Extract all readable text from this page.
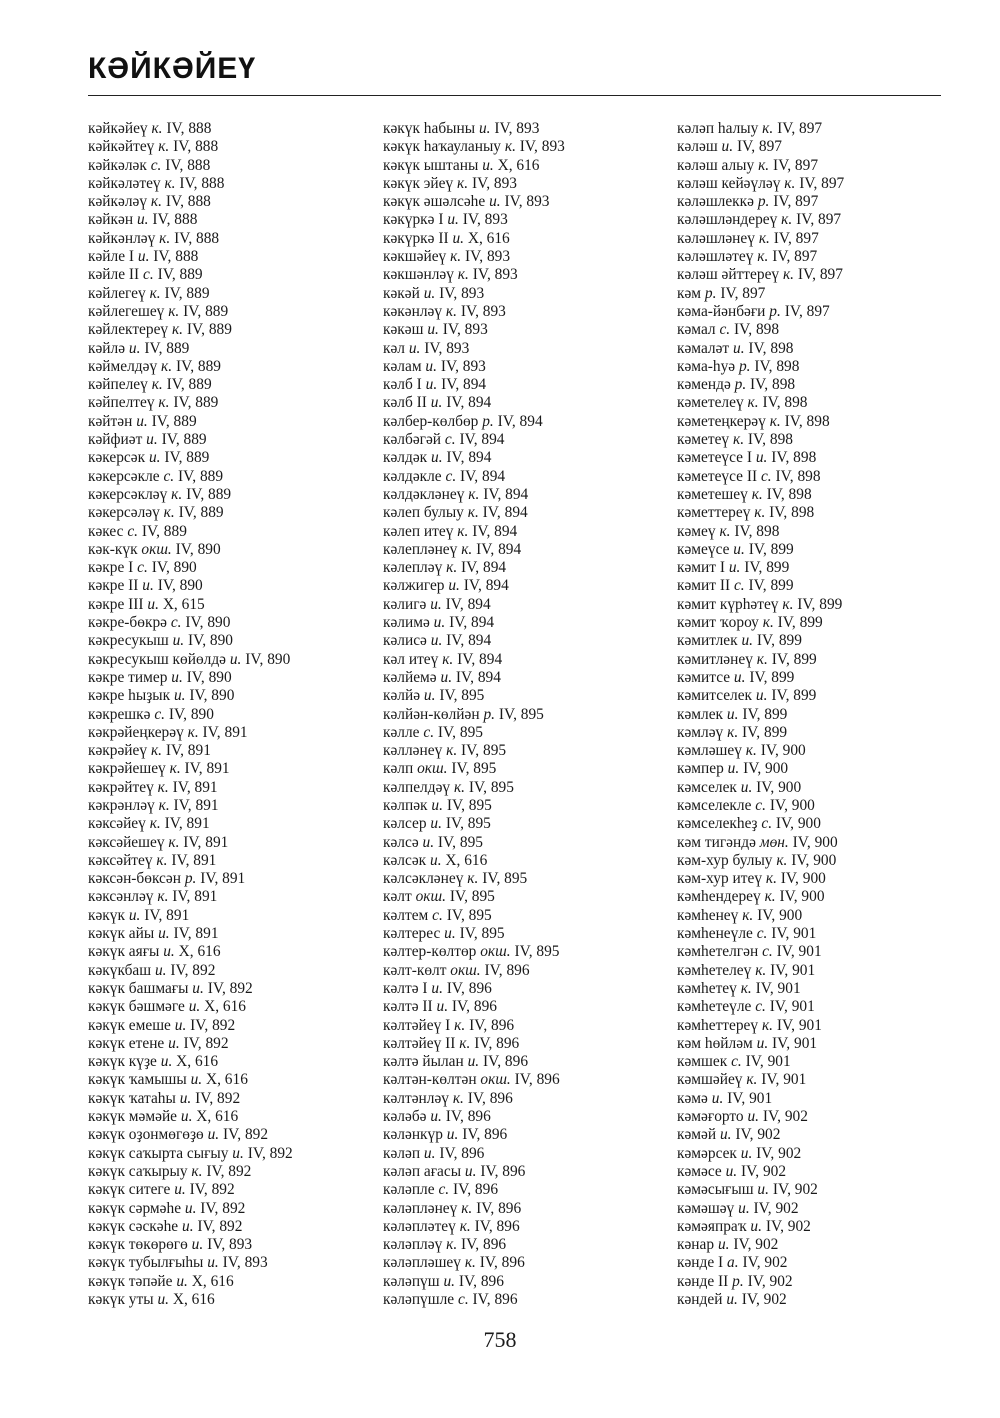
КӘЙКӘЙЕҮ
кәйкәйеү к. IV, 888
кәйкәйтеү к. IV, 888
кәйкәләк с. IV, 888
кәйкәләтеү к. IV, 888
кәйкәләү к. IV, 888
кәйкән и. IV, 888
кәйкәнләү к. IV, 888
кәйле I и. IV, 888
кәйле II с. IV, 889
кәйлегеү к. IV, 889
кәйлегешеү к. IV, 889
кәйлектереү к. IV, 889
кәйлә и. IV, 889
кәймелдәү к. IV, 889
кәйпелеү к. IV, 889
кәйпелтеү к. IV, 889
кәйтән и. IV, 889
кәйфиәт и. IV, 889
кәкерсәк и. IV, 889
кәкерсәкле с. IV, 889
кәкерсәкләү к. IV, 889
кәкерсәләү к. IV, 889
кәкес с. IV, 889
кәк-күк окш. IV, 890
кәкре I с. IV, 890
кәкре II и. IV, 890
кәкре III и. X, 615
кәкре-бөкрә с. IV, 890
кәкресукыш и. IV, 890
кәкресукыш көйөлдә и. IV, 890
кәкре тимер и. IV, 890
кәкре һыҙык и. IV, 890
кәкрешкә с. IV, 890
кәкрәйеңкерәү к. IV, 891
кәкрәйеү к. IV, 891
кәкрәйешеү к. IV, 891
кәкрәйтеү к. IV, 891
кәкрәнләү к. IV, 891
кәксәйеү к. IV, 891
кәксәйешеү к. IV, 891
кәксәйтеү к. IV, 891
кәксән-бөксән р. IV, 891
кәксәнләү к. IV, 891
кәкүк и. IV, 891
кәкүк айы и. IV, 891
кәкүк аяғы и. X, 616
кәкүкбаш и. IV, 892
кәкүк башмағы и. IV, 892
кәкүк бәшмәге и. X, 616
кәкүк емеше и. IV, 892
кәкүк етене и. IV, 892
кәкүк күҙе и. X, 616
кәкүк ҡамышы и. X, 616
кәкүк ҡатаһы и. IV, 892
кәкүк мәмәйе и. X, 616
кәкүк оҙонмөгөҙө и. IV, 892
кәкүк саҡырта сығыу и. IV, 892
кәкүк саҡырыу к. IV, 892
кәкүк ситеге и. IV, 892
кәкүк сәрмәһе и. IV, 892
кәкүк сәскәһе и. IV, 892
кәкүк төкөрөгө и. IV, 893
кәкүк тубылғыһы и. IV, 893
кәкүк тәпәйе и. X, 616
кәкүк уты и. X, 616
кәкүк һабыны и. IV, 893
кәкүк һаҡауланыу к. IV, 893
кәкүк ыштаны и. X, 616
кәкүк эйеү к. IV, 893
кәкүк әшәлсәһе и. IV, 893
кәкүркә I и. IV, 893
кәкүркә II и. X, 616
кәкшәйеү к. IV, 893
кәкшәнләү к. IV, 893
кәкәй и. IV, 893
кәкәнләү к. IV, 893
кәкәш и. IV, 893
кәл и. IV, 893
кәлам и. IV, 893
кәлб I и. IV, 894
кәлб II и. IV, 894
кәлбер-көлбөр р. IV, 894
кәлбәгәй с. IV, 894
кәлдәк и. IV, 894
кәлдәкле с. IV, 894
кәлдәкләнеү к. IV, 894
кәлеп булыу к. IV, 894
кәлеп итеү к. IV, 894
кәлепләнеү к. IV, 894
кәлепләү к. IV, 894
кәлжигер и. IV, 894
кәлигә и. IV, 894
кәлимә и. IV, 894
кәлисә и. IV, 894
кәл итеү к. IV, 894
кәлйемә и. IV, 894
кәлйә и. IV, 895
кәлйән-көлйән р. IV, 895
кәлле с. IV, 895
кәлләнеү к. IV, 895
кәлп окш. IV, 895
кәлпелдәү к. IV, 895
кәлпәк и. IV, 895
кәлсер и. IV, 895
кәлсә и. IV, 895
кәлсәк и. X, 616
кәлсәкләнеү к. IV, 895
кәлт окш. IV, 895
кәлтем с. IV, 895
кәлтерес и. IV, 895
кәлтер-көлтөр окш. IV, 895
кәлт-көлт окш. IV, 896
кәлтә I и. IV, 896
кәлтә II и. IV, 896
кәлтәйеү I к. IV, 896
кәлтәйеү II к. IV, 896
кәлтә йылан и. IV, 896
кәлтән-көлтән окш. IV, 896
кәлтәнләү к. IV, 896
кәләбә и. IV, 896
кәләнкүр и. IV, 896
кәләп и. IV, 896
кәләп ағасы и. IV, 896
кәләпле с. IV, 896
кәләпләнеү к. IV, 896
кәләпләтеү к. IV, 896
кәләпләү к. IV, 896
кәләпләшеү к. IV, 896
кәләпүш и. IV, 896
кәләпүшле с. IV, 896
кәләп һалыу к. IV, 897
кәләш и. IV, 897
кәләш алыу к. IV, 897
кәләш кейәүләү к. IV, 897
кәләшлеккә р. IV, 897
кәләшләндереү к. IV, 897
кәләшләнеү к. IV, 897
кәләшләтеү к. IV, 897
кәләш әйттереү к. IV, 897
кәм р. IV, 897
кәма-йәнбәғи р. IV, 897
кәмал с. IV, 898
кәмаләт и. IV, 898
кәма-һуә р. IV, 898
кәмендә р. IV, 898
кәметелеү к. IV, 898
кәметеңкерәү к. IV, 898
кәметеү к. IV, 898
кәметеүсе I и. IV, 898
кәметеүсе II с. IV, 898
кәметешеү к. IV, 898
кәметтереү к. IV, 898
кәмеү к. IV, 898
кәмеүсе и. IV, 899
кәмит I и. IV, 899
кәмит II с. IV, 899
кәмит күрһәтеү к. IV, 899
кәмит ҡороу к. IV, 899
кәмитлек и. IV, 899
кәмитләнеү к. IV, 899
кәмитсе и. IV, 899
кәмитселек и. IV, 899
кәмлек и. IV, 899
кәмләү к. IV, 899
кәмләшеү к. IV, 900
кәмпер и. IV, 900
кәмселек и. IV, 900
кәмселекле с. IV, 900
кәмселекһеҙ с. IV, 900
кәм тигәндә мөн. IV, 900
кәм-хур булыу к. IV, 900
кәм-хур итеү к. IV, 900
кәмһендереү к. IV, 900
кәмһенеү к. IV, 900
кәмһенеүле с. IV, 901
кәмһетелгән с. IV, 901
кәмһетелеү к. IV, 901
кәмһетеү к. IV, 901
кәмһетеүле с. IV, 901
кәмһеттереү к. IV, 901
кәм һөйләм и. IV, 901
кәмшек с. IV, 901
кәмшәйеү к. IV, 901
кәмә и. IV, 901
кәмәғорто и. IV, 902
кәмәй и. IV, 902
кәмәрсек и. IV, 902
кәмәсе и. IV, 902
кәмәсығыш и. IV, 902
кәмәшәү и. IV, 902
кәмәяпраҡ и. IV, 902
кәнар и. IV, 902
кәнде I а. IV, 902
кәнде II р. IV, 902
кәндей и. IV, 902
758
